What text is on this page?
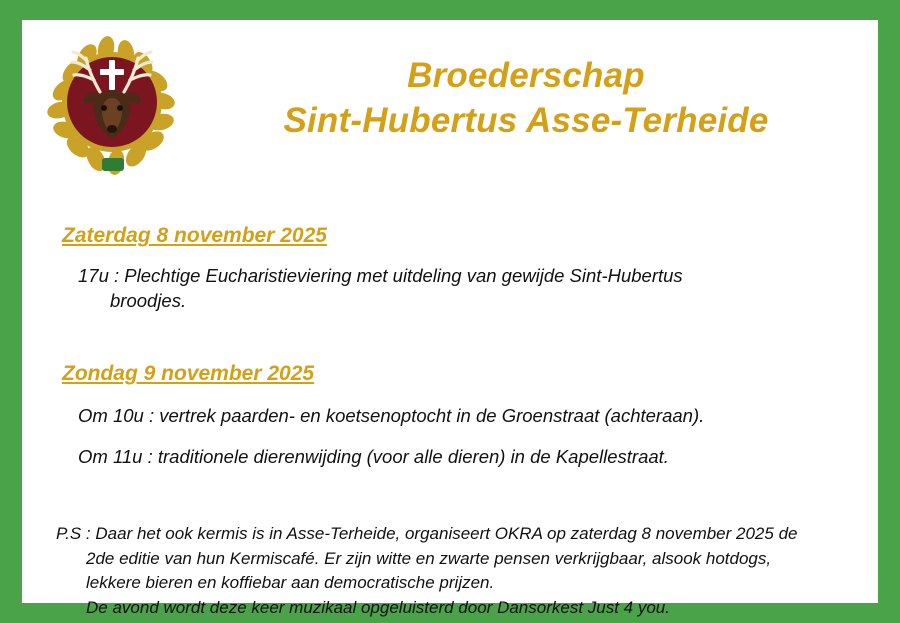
Broederschap
Sint-Hubertus Asse-Terheide
Zaterdag 8 november 2025
17u : Plechtige Eucharistieviering met uitdeling van gewijde Sint-Hubertus
broodjes.
Zondag 9 november 2025
Om 10u : vertrek paarden- en koetsenoptocht in de Groenstraat (achteraan).
Om 11u : traditionele dierenwijding (voor alle dieren) in de Kapellestraat.
P.S : Daar het ook kermis is in Asse-Terheide, organiseert OKRA op zaterdag 8 november 2025 de
2de editie van hun Kermiscafé. Er zijn witte en zwarte pensen verkrijgbaar, alsook hotdogs,
lekkere bieren en koffiebar aan democratische prijzen.
De avond wordt deze keer muzikaal opgeluisterd door Dansorkest Just 4 you.
